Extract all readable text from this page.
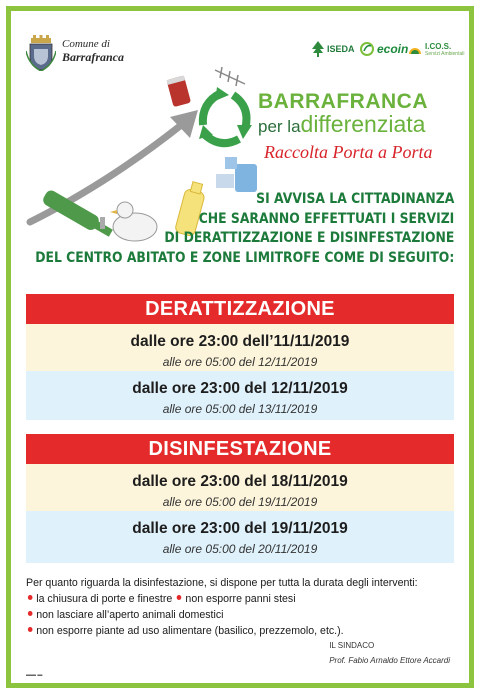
Comune di
Barrafranca
ISEDA ecoin I.CO.S.
Servizi Ambientali
BARRAFRANCA
per ladifferenziata
Raccolta Porta a Porta
SI AVVISA LA CITTADINANZA
CHE SARANNO EFFETTUATI I SERVIZI
DI DERATTIZZAZIONE E DISINFESTAZIONE
DEL CENTRO ABITATO E ZONE LIMITROFE COME DI SEGUITO:
DERATTIZZAZIONE
dalle ore 23:00 dell’11/11/2019
alle ore 05:00 del 12/11/2019
dalle ore 23:00 del 12/11/2019
alle ore 05:00 del 13/11/2019
DISINFESTAZIONE
dalle ore 23:00 del 18/11/2019
alle ore 05:00 del 19/11/2019
dalle ore 23:00 del 19/11/2019
alle ore 05:00 del 20/11/2019
Per quanto riguarda la disinfestazione, si dispone per tutta la durata degli interventi:
la chiusura di porte e finestre non esporre panni stesi
non lasciare all’aperto animali domestici
non esporre piante ad uso alimentare (basilico, prezzemolo, etc.).
IL SINDACO
Prof. Fabio Arnaldo Ettore Accardi
▬▬ ▬
